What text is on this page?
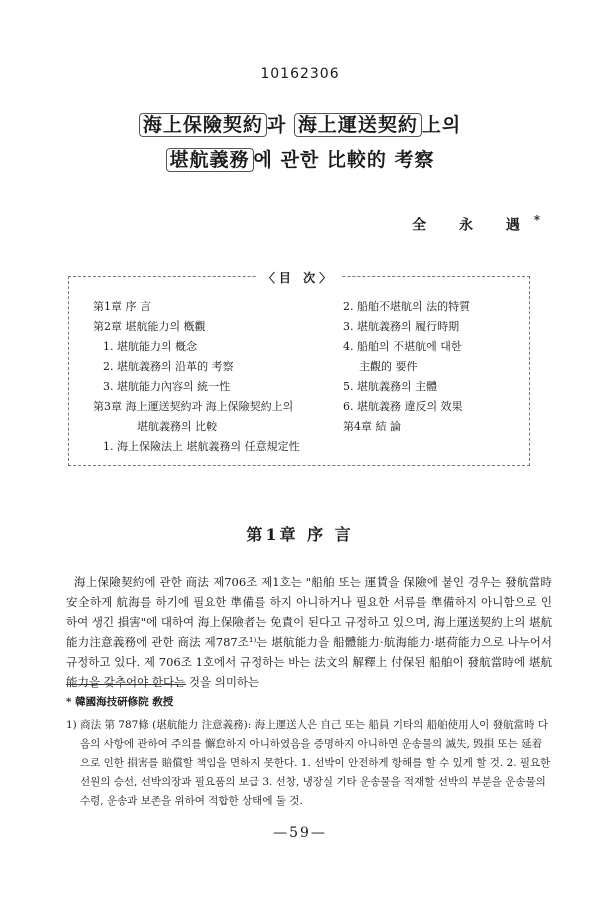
10162306
海上保險契約 과 海上運送契約 上의
堪航義務 에 관한 比較的 考察
全 永 遇*
〈目 次〉
第1章 序 言
第2章 堪航能力의 槪觀
1. 堪航能力의 槪念
2. 堪航義務의 沿革的 考察
3. 堪航能力內容의 統一性
第3章 海上運送契約과 海上保險契約上의
堪航義務의 比較
1. 海上保險法上 堪航義務의 任意規定性
2. 船舶不堪航의 法的特質
3. 堪航義務의 履行時期
4. 船舶의 不堪航에 대한
主觀的 要件
5. 堪航義務의 主體
6. 堪航義務 違反의 效果
第4章 結 論
第1章 序 言
海上保險契約에 관한 商法 제706조 제1호는 "船舶 또는 運賃을 保險에 붙인 경우는 發航當時 安全하게 航海를 하기에 필요한 準備를 하지 아니하거나 필요한 서류를 準備하지 아니함으로 인하여 생긴 損害"에 대하여 海上保險者는 免責이 된다고 규정하고 있으며, 海上運送契約上의 堪航能力注意義務에 관한 商法 제787조¹⁾는 堪航能力을 船體能力·航海能力·堪荷能力으로 나누어서 규정하고 있다. 제 706조 1호에서 규정하는 바는 法文의 解釋上 付保된 船舶이 發航當時에 堪航能力을 갖추어야 한다는 것을 의미하는
* 韓國海技硏修院 敎授
1) 商法 第 787條 (堪航能力 注意義務): 海上運送人은 自己 또는 船員 기타의 船舶使用人이 發航當時 다음의 사항에 관하여 주의를 懈怠하지 아니하였음을 증명하지 아니하면 운송물의 滅失, 毁損 또는 延着으로 인한 損害를 賠償할 책임을 면하지 못한다. 1. 선박이 안전하게 항해를 할 수 있게 할 것. 2. 필요한 선원의 승선, 선박의장과 필요품의 보급 3. 선창, 냉장실 기타 운송물을 적재할 선박의 부분을 운송물의 수령, 운송과 보존을 위하여 적합한 상태에 둘 것.
—59—
